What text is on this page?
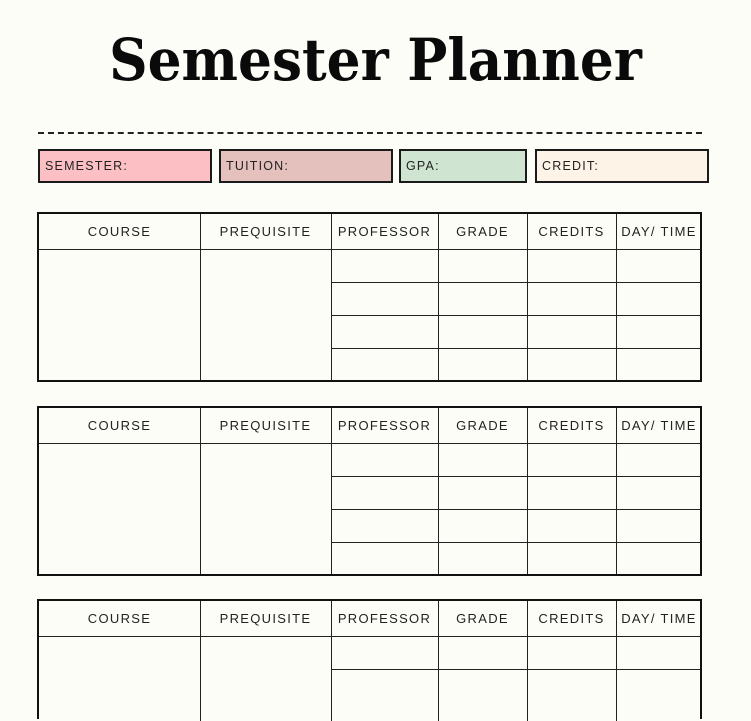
Semester Planner
SEMESTER:	TUITION:	GPA:	CREDIT:
COURSE	PREQUISITE	PROFESSOR	GRADE	CREDITS	DAY/ TIME
COURSE	PREQUISITE	PROFESSOR	GRADE	CREDITS	DAY/ TIME
COURSE	PREQUISITE	PROFESSOR	GRADE	CREDITS	DAY/ TIME
